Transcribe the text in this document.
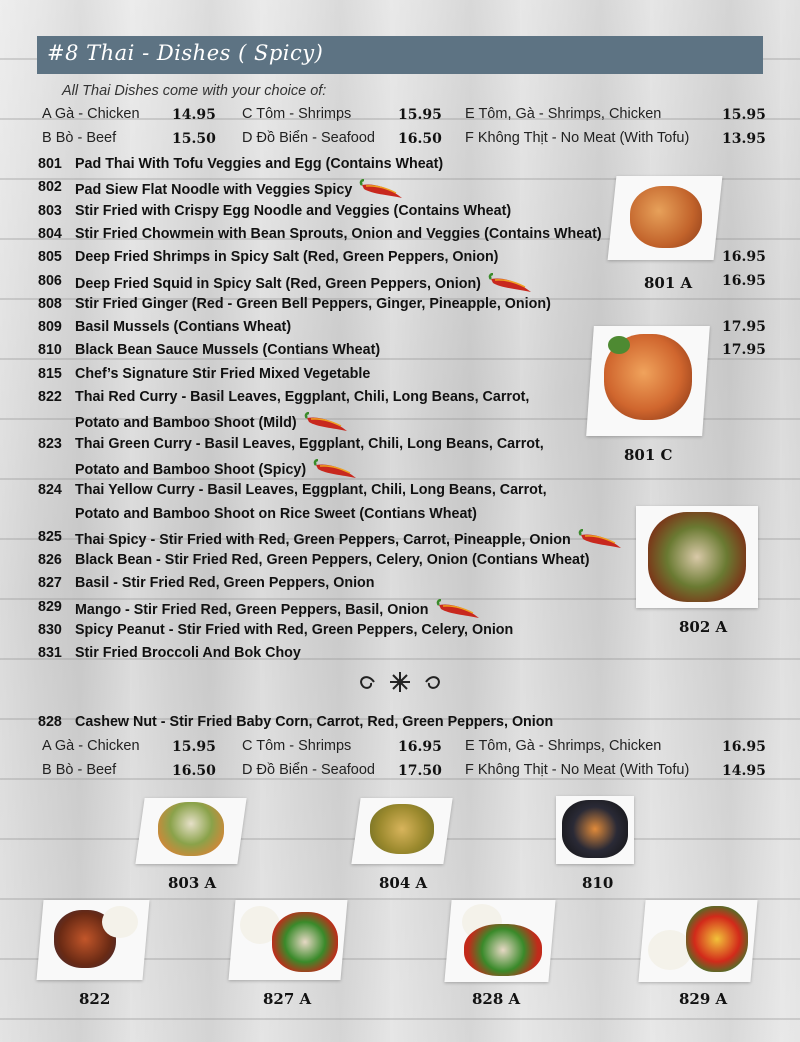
#8 Thai - Dishes ( Spicy)
All Thai Dishes come with your choice of:
A Gà - Chicken 14.95 C Tôm - Shrimps	15.95 E Tôm, Gà - Shrimps, Chicken	15.95
B Bò - Beef	15.50 D Đồ Biển - Seafood 16.50 F Không Thịt - No Meat (With Tofu) 13.95
801 Pad Thai With Tofu Veggies and Egg (Contains Wheat)
802 Pad Siew Flat Noodle with Veggies Spicy
803 Stir Fried with Crispy Egg Noodle and Veggies (Contains Wheat)
804 Stir Fried Chowmein with Bean Sprouts, Onion and Veggies (Contains Wheat)
805 Deep Fried Shrimps in Spicy Salt (Red, Green Peppers, Onion)	16.95
806 Deep Fried Squid in Spicy Salt (Red, Green Peppers, Onion)	16.95
808 Stir Fried Ginger (Red - Green Bell Peppers, Ginger, Pineapple, Onion)
809 Basil Mussels (Contians Wheat)	17.95
810 Black Bean Sauce Mussels (Contians Wheat)	17.95
815 Chef’s Signature Stir Fried Mixed Vegetable
822 Thai Red Curry - Basil Leaves, Eggplant, Chili, Long Beans, Carrot,
Potato and Bamboo Shoot (Mild)
823 Thai Green Curry - Basil Leaves, Eggplant, Chili, Long Beans, Carrot,
Potato and Bamboo Shoot (Spicy)
824 Thai Yellow Curry - Basil Leaves, Eggplant, Chili, Long Beans, Carrot,
Potato and Bamboo Shoot on Rice Sweet (Contians Wheat)
825 Thai Spicy - Stir Fried with Red, Green Peppers, Carrot, Pineapple, Onion
826 Black Bean - Stir Fried Red, Green Peppers, Celery, Onion (Contians Wheat)
827 Basil - Stir Fried Red, Green Peppers, Onion
829 Mango - Stir Fried Red, Green Peppers, Basil, Onion
830 Spicy Peanut - Stir Fried with Red, Green Peppers, Celery, Onion
831 Stir Fried Broccoli And Bok Choy
828 Cashew Nut - Stir Fried Baby Corn, Carrot, Red, Green Peppers, Onion
A Gà - Chicken 15.95 C Tôm - Shrimps	16.95 E Tôm, Gà - Shrimps, Chicken	16.95
B Bò - Beef	16.50 D Đồ Biển - Seafood 17.50 F Không Thịt - No Meat (With Tofu) 14.95
801 A
801 C
802 A
803 A	804 A	810
822	827 A	828 A	829 A
